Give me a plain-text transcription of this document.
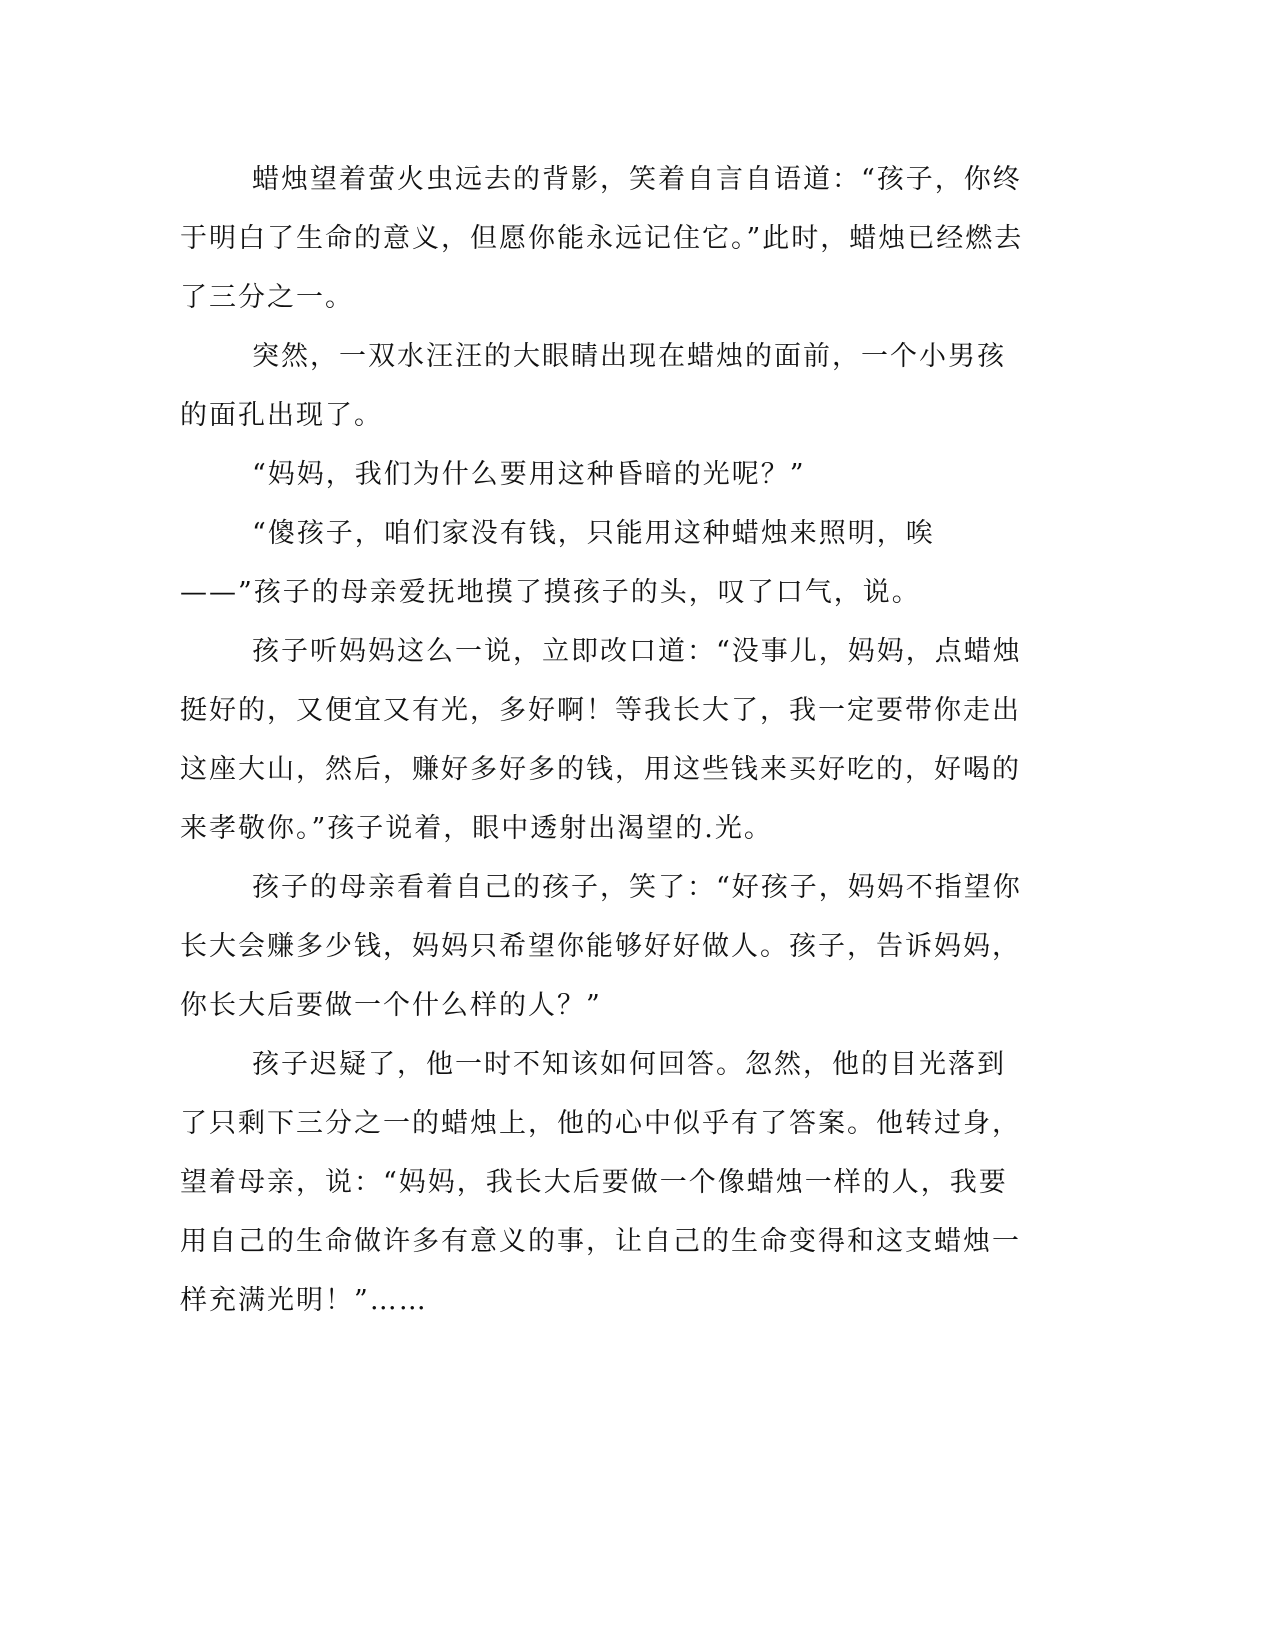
蜡烛望着萤火虫远去的背影，笑着自言自语道：“孩子，你终于明白了生命的意义，但愿你能永远记住它。”此时，蜡烛已经燃去了三分之一。

突然，一双水汪汪的大眼睛出现在蜡烛的面前，一个小男孩的面孔出现了。

“妈妈，我们为什么要用这种昏暗的光呢？”

“傻孩子，咱们家没有钱，只能用这种蜡烛来照明，唉——”孩子的母亲爱抚地摸了摸孩子的头，叹了口气，说。

孩子听妈妈这么一说，立即改口道：“没事儿，妈妈，点蜡烛挺好的，又便宜又有光，多好啊！等我长大了，我一定要带你走出这座大山，然后，赚好多好多的钱，用这些钱来买好吃的，好喝的来孝敬你。”孩子说着，眼中透射出渴望的.光。

孩子的母亲看着自己的孩子，笑了：“好孩子，妈妈不指望你长大会赚多少钱，妈妈只希望你能够好好做人。孩子，告诉妈妈，你长大后要做一个什么样的人？”

孩子迟疑了，他一时不知该如何回答。忽然，他的目光落到了只剩下三分之一的蜡烛上，他的心中似乎有了答案。他转过身，望着母亲，说：“妈妈，我长大后要做一个像蜡烛一样的人，我要用自己的生命做许多有意义的事，让自己的生命变得和这支蜡烛一样充满光明！”……
